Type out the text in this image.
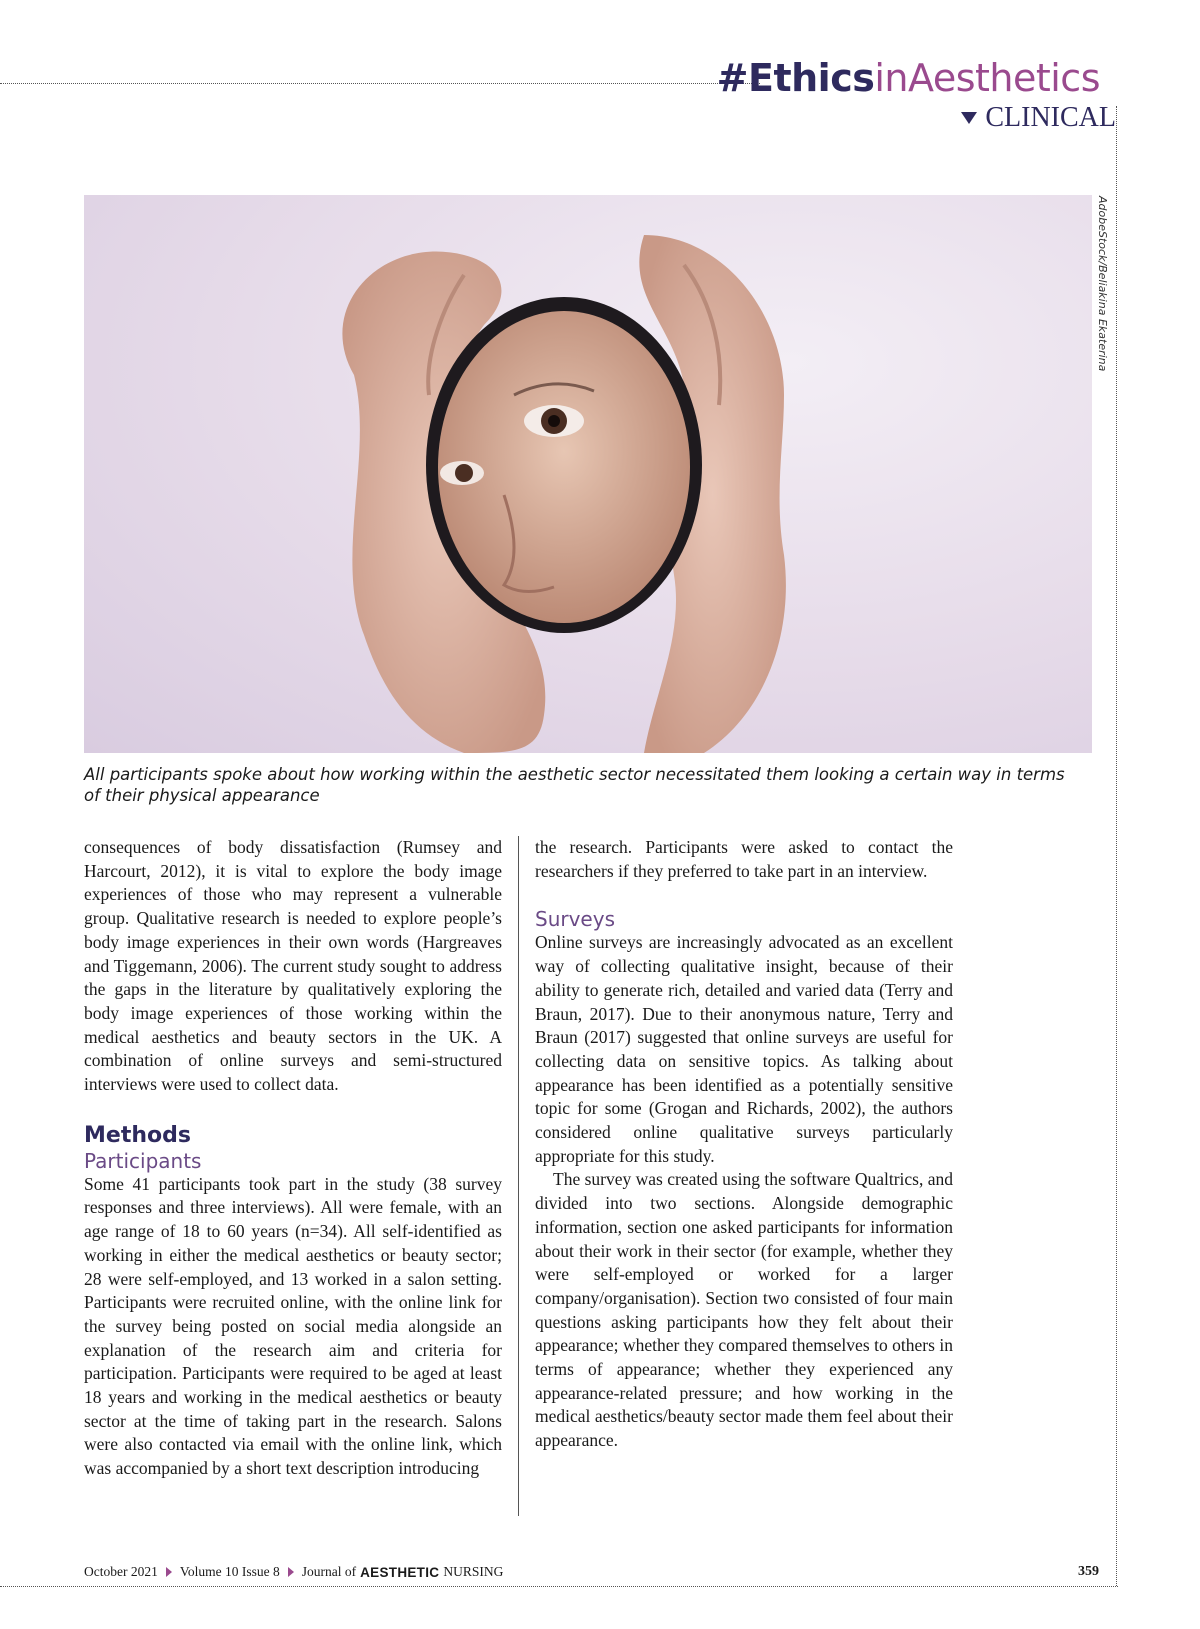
#EthicsinAesthetics
CLINICAL
AdobeStock/Beliakina Ekaterina
All participants spoke about how working within the aesthetic sector necessitated them looking a certain way in terms of their physical appearance

consequences of body dissatisfaction (Rumsey and Harcourt, 2012), it is vital to explore the body image experiences of those who may represent a vulnerable group. Qualitative research is needed to explore people’s body image experiences in their own words (Hargreaves and Tiggemann, 2006). The current study sought to address the gaps in the literature by qualitatively exploring the body image experiences of those working within the medical aesthetics and beauty sectors in the UK. A combination of online surveys and semi-structured interviews were used to collect data.

Methods
Participants

Some 41 participants took part in the study (38 survey responses and three interviews). All were female, with an age range of 18 to 60 years (n=34). All self-identified as working in either the medical aesthetics or beauty sector; 28 were self-employed, and 13 worked in a salon setting. Participants were recruited online, with the online link for the survey being posted on social media alongside an explanation of the research aim and criteria for participation. Participants were required to be aged at least 18 years and working in the medical aesthetics or beauty sector at the time of taking part in the research. Salons were also contacted via email with the online link, which was accompanied by a short text description introducing

the research. Participants were asked to contact the researchers if they preferred to take part in an interview.

Surveys

Online surveys are increasingly advocated as an excellent way of collecting qualitative insight, because of their ability to generate rich, detailed and varied data (Terry and Braun, 2017). Due to their anonymous nature, Terry and Braun (2017) suggested that online surveys are useful for collecting data on sensitive topics. As talking about appearance has been identified as a potentially sensitive topic for some (Grogan and Richards, 2002), the authors considered online qualitative surveys particularly appropriate for this study.

The survey was created using the software Qualtrics, and divided into two sections. Alongside demographic information, section one asked participants for information about their work in their sector (for example, whether they were self-employed or worked for a larger company/organisation). Section two consisted of four main questions asking participants how they felt about their appearance; whether they compared themselves to others in terms of appearance; whether they experienced any appearance-related pressure; and how working in the medical aesthetics/beauty sector made them feel about their appearance.

October 2021 Volume 10 Issue 8 Journal of AESTHETIC NURSING	359
